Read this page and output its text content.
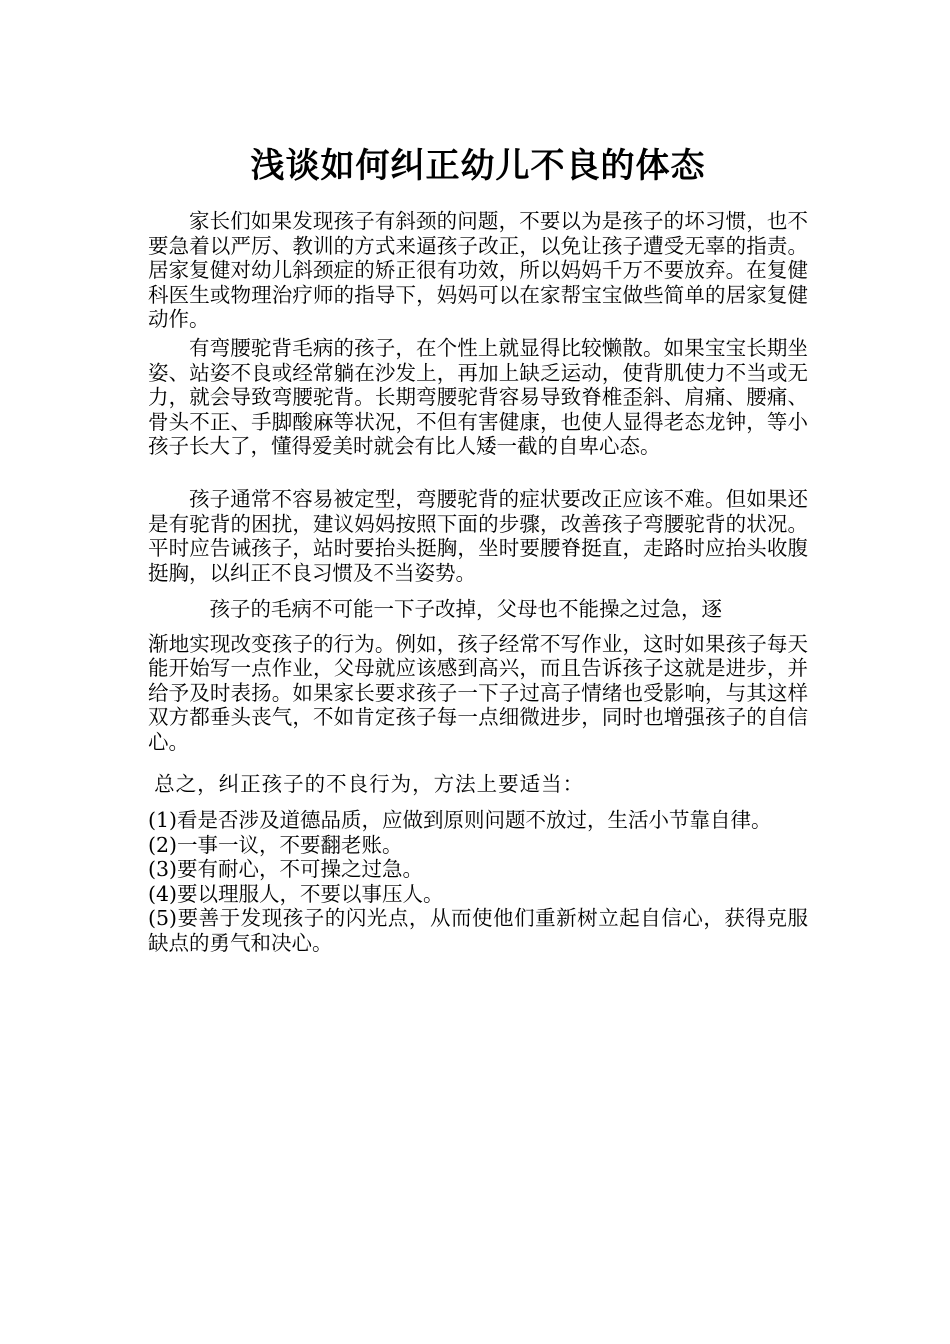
浅谈如何纠正幼儿不良的体态

家长们如果发现孩子有斜颈的问题，不要以为是孩子的坏习惯，也不要急着以严厉、教训的方式来逼孩子改正，以免让孩子遭受无辜的指责。居家复健对幼儿斜颈症的矫正很有功效，所以妈妈千万不要放弃。在复健科医生或物理治疗师的指导下，妈妈可以在家帮宝宝做些简单的居家复健动作。

有弯腰驼背毛病的孩子，在个性上就显得比较懒散。如果宝宝长期坐姿、站姿不良或经常躺在沙发上，再加上缺乏运动，使背肌使力不当或无力，就会导致弯腰驼背。长期弯腰驼背容易导致脊椎歪斜、肩痛、腰痛、骨头不正、手脚酸麻等状况，不但有害健康，也使人显得老态龙钟，等小孩子长大了，懂得爱美时就会有比人矮一截的自卑心态。

孩子通常不容易被定型，弯腰驼背的症状要改正应该不难。但如果还是有驼背的困扰，建议妈妈按照下面的步骤，改善孩子弯腰驼背的状况。平时应告诫孩子，站时要抬头挺胸，坐时要腰脊挺直，走路时应抬头收腹挺胸，以纠正不良习惯及不当姿势。

孩子的毛病不可能一下子改掉，父母也不能操之过急，逐
渐地实现改变孩子的行为。例如，孩子经常不写作业，这时如果孩子每天能开始写一点作业，父母就应该感到高兴，而且告诉孩子这就是进步，并给予及时表扬。如果家长要求孩子一下子过高子情绪也受影响，与其这样双方都垂头丧气，不如肯定孩子每一点细微进步，同时也增强孩子的自信心。

总之，纠正孩子的不良行为，方法上要适当：

(1)看是否涉及道德品质，应做到原则问题不放过，生活小节靠自律。

(2)一事一议，不要翻老账。

(3)要有耐心，不可操之过急。

(4)要以理服人，不要以事压人。

(5)要善于发现孩子的闪光点，从而使他们重新树立起自信心，获得克服缺点的勇气和决心。
